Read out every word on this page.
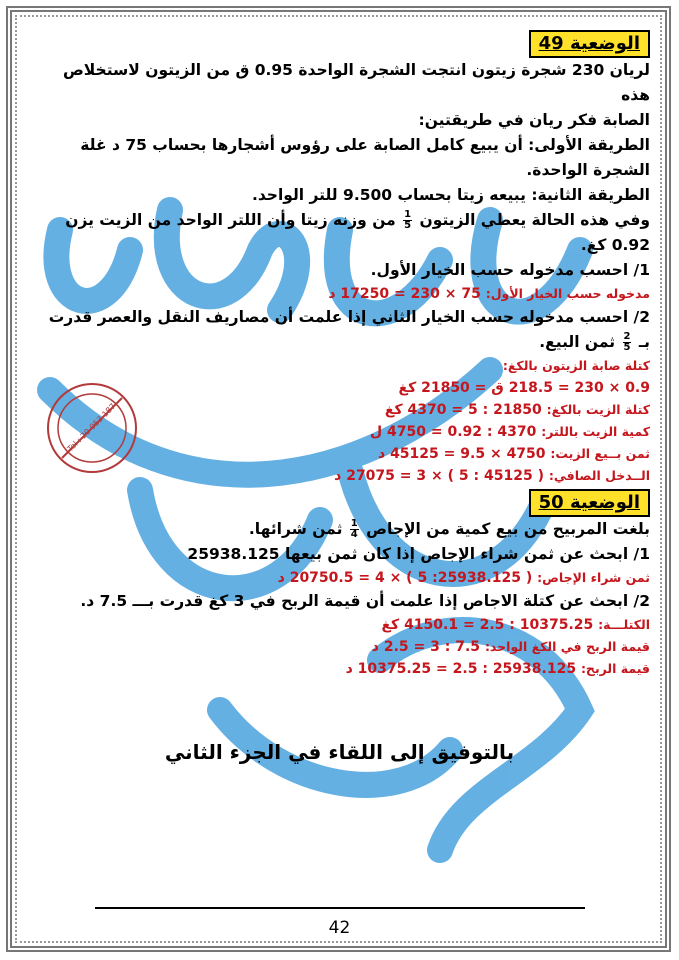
الوضعية 49

لريان 230 شجرة زيتون انتجت الشجرة الواحدة 0.95 ق من الزيتون لاستخلاص هذه

الصابة فكر ريان في طريقتين:

الطريقة الأولى: أن يبيع كامل الصابة على رؤوس أشجارها بحساب 75 د غلة

الشجرة الواحدة.

الطريقة الثانية: يبيعه زيتا بحساب 9.500 للتر الواحد.

وفي هذه الحالة يعطي الزيتون
$\frac{1}{5}$
من وزنه زيتا وأن اللتر الواحد من الزيت يزن 0.92 كغ.

1/ احسب مدخوله حسب الخيار الأول.

مدخوله حسب الخيار الأول: 75 × 230 = 17250 د

2/ احسب مدخوله حسب الخيار الثاني إذا علمت أن مصاريف النقل والعصر قدرت

بـ
$\frac{2}{5}$
ثمن البيع.

كتلة صابة الزيتون بالكغ:

0.9 × 230 = 218.5 ق = 21850 كغ

كتلة الزيت بالكغ: 21850 : 5 = 4370 كغ

كمية الزيت باللتر: 4370 : 0.92 = 4750 ل

ثمن بــيع الزيت: 4750 × 9.5 = 45125 د

الــدخل الصافي: ( 45125 : 5 ) × 3 = 27075 د

الوضعية 50

بلغت المربيح من بيع كمية من الإجاص
$\frac{1}{4}$
ثمن شرائها.

1/ ابحث عن ثمن شراء الإجاص إذا كان ثمن بيعها 25938.125

ثمن شراء الإجاص: ( 25938.125: 5 ) × 4 = 20750.5 د

2/ ابحث عن كتلة الاجاص إذا علمت أن قيمة الربح في 3 كغ قدرت بـــ 7.5 د.

الكتلـــة: 10375.25 : 2.5 = 4150.1 كغ

قيمة الربح في الكغ الواحد: 7.5 : 3 = 2.5 د

قيمة الربح: 25938.125 : 2.5 = 10375.25 د

Tel : 20 953 187
بالتوفيق إلى اللقاء في الجزء الثاني
42
